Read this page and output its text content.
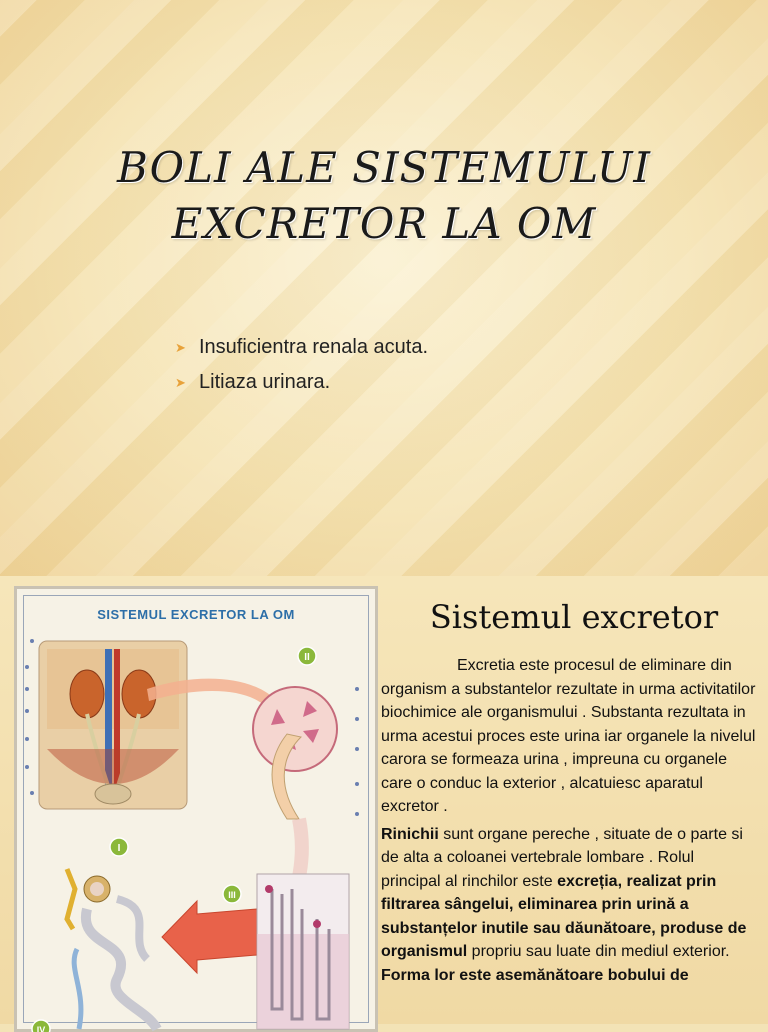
BOLI ALE SISTEMULUI
EXCRETOR LA OM
➤ Insuficientra renala acuta.
➤ Litiaza urinara.
SISTEMUL EXCRETOR LA OM
II
I
III
IV
Sistemul excretor

Excretia este procesul de eliminare din organism a substantelor rezultate in urma activitatilor biochimice ale organismului . Substanta rezultata in urma acestui proces este urina iar organele la nivelul carora se formeaza urina , impreuna cu organele care o conduc la exterior , alcatuiesc aparatul excretor .

Rinichii sunt organe pereche , situate de o parte si de alta a coloanei vertebrale lombare . Rolul principal al rinchilor este excreția, realizat prin filtrarea sângelui, eliminarea prin urină a substanțelor inutile sau dăunătoare, produse de organismul propriu sau luate din mediul exterior. Forma lor este asemănătoare bobului de
